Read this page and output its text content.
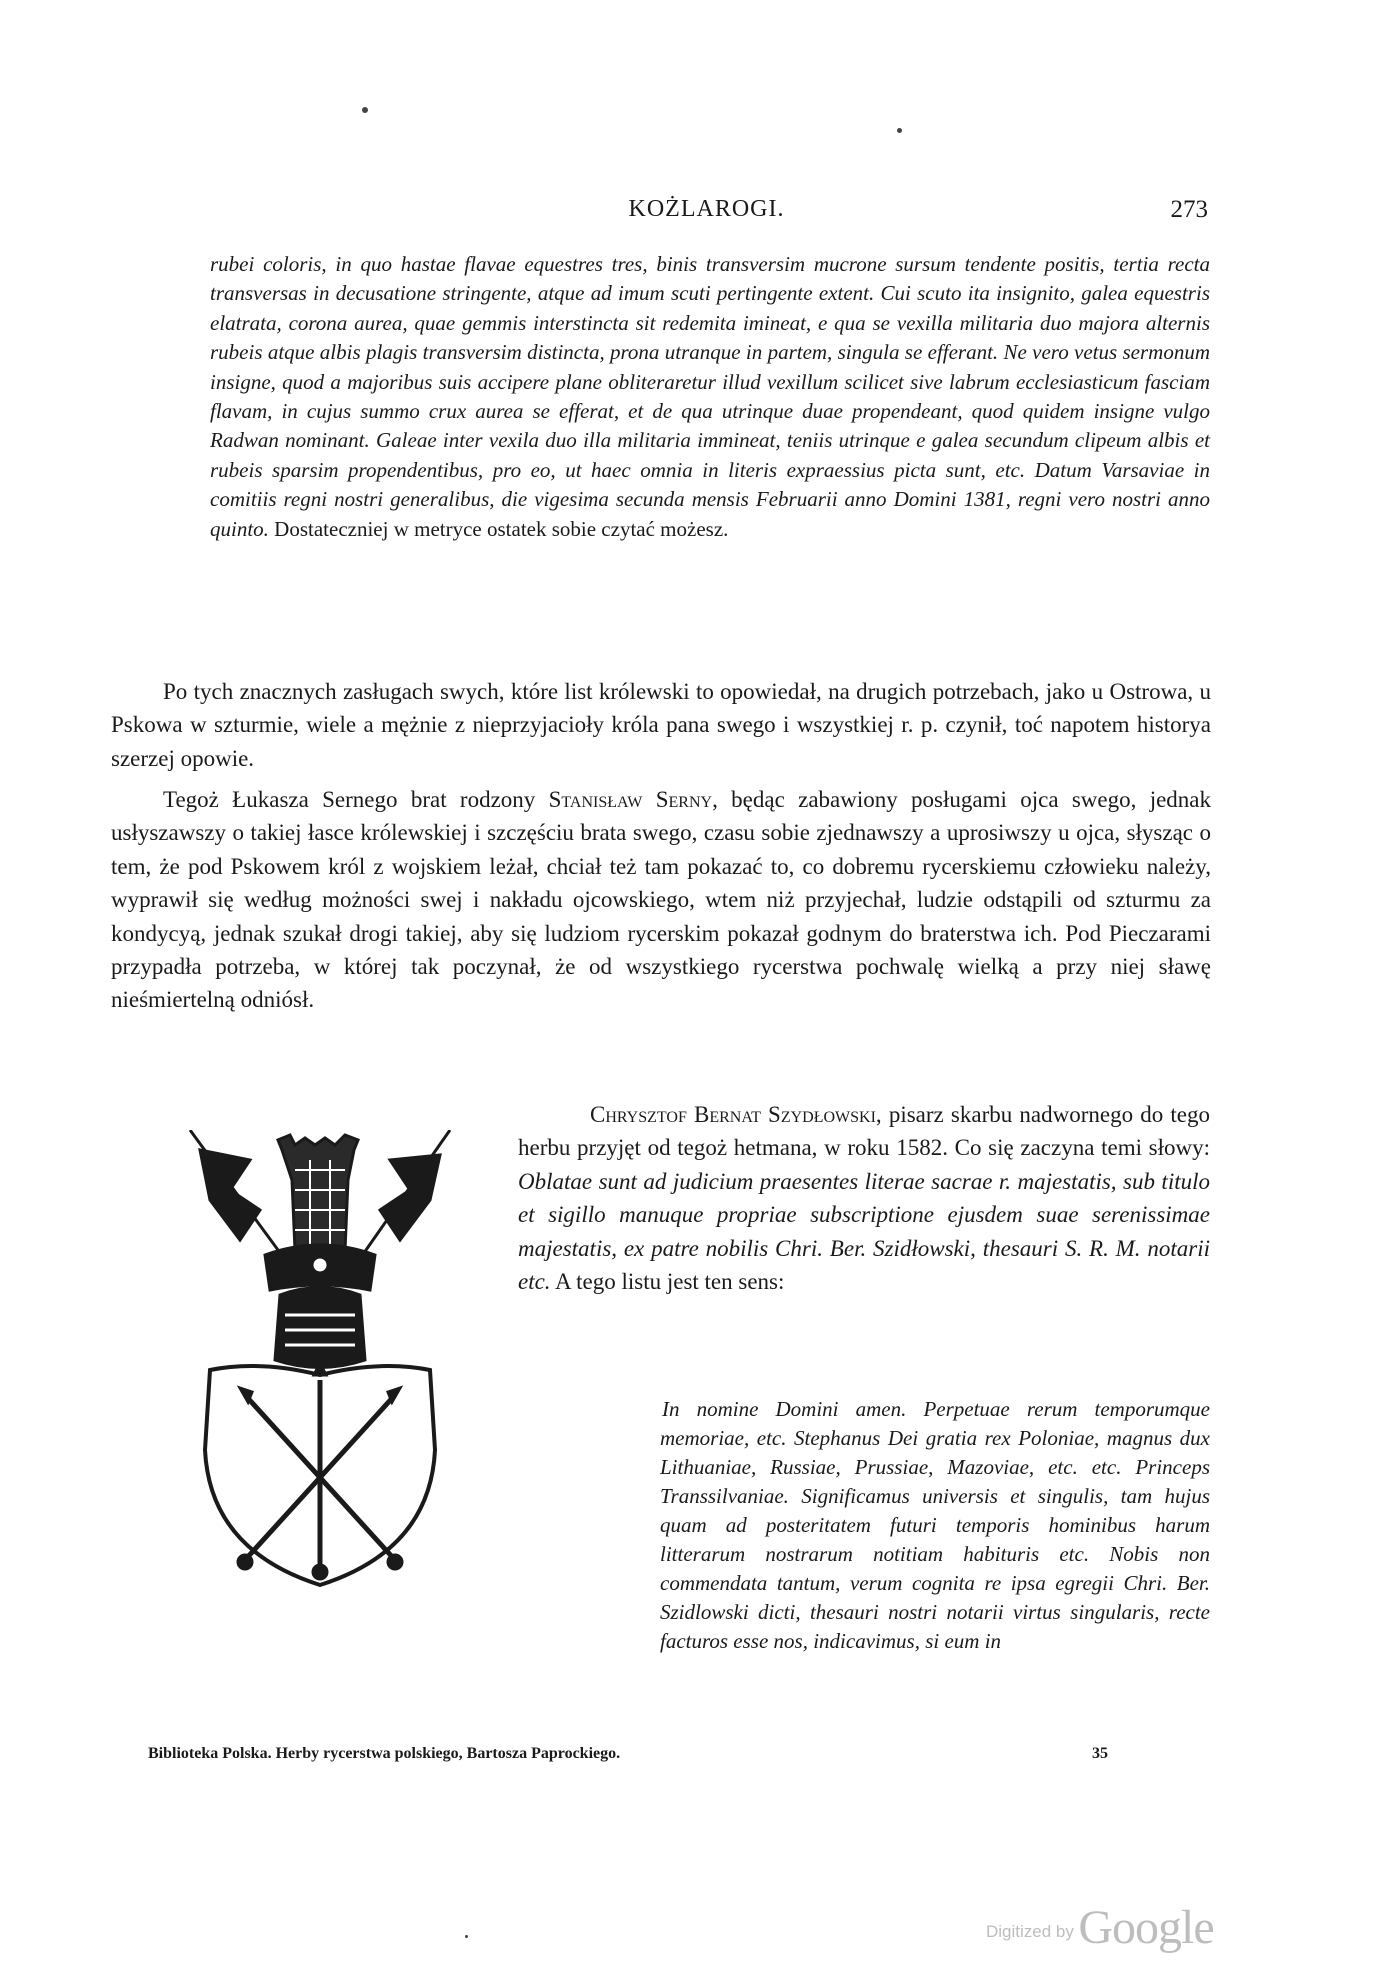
KOŻLAROGI.	273

rubei coloris, in quo hastae flavae equestres tres, binis transversim mucrone sursum tendente positis, tertia recta transversas in decusatione stringente, atque ad imum scuti pertingente extent. Cui scuto ita insignito, galea equestris elatrata, corona aurea, quae gemmis interstincta sit redemita imineat, e qua se vexilla militaria duo majora alternis rubeis atque albis plagis transversim distincta, prona utranque in partem, singula se efferant. Ne vero vetus sermonum insigne, quod a majoribus suis accipere plane obliteraretur illud vexillum scilicet sive labrum ecclesiasticum fasciam flavam, in cujus summo crux aurea se efferat, et de qua utrinque duae propendeant, quod quidem insigne vulgo Radwan nominant. Galeae inter vexila duo illa militaria immineat, teniis utrinque e galea secundum clipeum albis et rubeis sparsim propendentibus, pro eo, ut haec omnia in literis expraessius picta sunt, etc. Datum Varsaviae in comitiis regni nostri generalibus, die vigesima secunda mensis Februarii anno Domini 1381, regni vero nostri anno quinto. Dostateczniej w metryce ostatek sobie czytać możesz.

Po tych znacznych zasługach swych, które list królewski to opowiedał, na drugich potrzebach, jako u Ostrowa, u Pskowa w szturmie, wiele a mężnie z nieprzyjacioły króla pana swego i wszystkiej r. p. czynił, toć napotem historya szerzej opowie.

Tegoż Łukasza Sernego brat rodzony Stanisław Serny, będąc zabawiony posługami ojca swego, jednak usłyszawszy o takiej łasce królewskiej i szczęściu brata swego, czasu sobie zjednawszy a uprosiwszy u ojca, słysząc o tem, że pod Pskowem król z wojskiem leżał, chciał też tam pokazać to, co dobremu rycerskiemu człowieku należy, wyprawił się według możności swej i nakładu ojcowskiego, wtem niż przyjechał, ludzie odstąpili od szturmu za kondycyą, jednak szukał drogi takiej, aby się ludziom rycerskim pokazał godnym do braterstwa ich. Pod Pieczarami przypadła potrzeba, w której tak poczynał, że od wszystkiego rycerstwa pochwalę wielką a przy niej sławę nieśmiertelną odniósł.

Chrysztof Bernat Szydłowski, pisarz skarbu nadwornego do tego herbu przyjęt od tegoż hetmana, w roku 1582. Co się zaczyna temi słowy: Oblatae sunt ad judicium praesentes literae sacrae r. majestatis, sub titulo et sigillo manuque propriae subscriptione ejusdem suae serenissimae majestatis, ex patre nobilis Chri. Ber. Szidłowski, thesauri S. R. M. notarii etc. A tego listu jest ten sens:

In nomine Domini amen. Perpetuae rerum temporumque memoriae, etc. Stephanus Dei gratia rex Poloniae, magnus dux Lithuaniae, Russiae, Prussiae, Mazoviae, etc. etc. Princeps Transsilvaniae. Significamus universis et singulis, tam hujus quam ad posteritatem futuri temporis hominibus harum litterarum nostrarum notitiam habituris etc. Nobis non commendata tantum, verum cognita re ipsa egregii Chri. Ber. Szidlowski dicti, thesauri nostri notarii virtus singularis, recte facturos esse nos, indicavimus, si eum in

Biblioteka Polska. Herby rycerstwa polskiego, Bartosza Paprockiego.	35
Digitized by Google
